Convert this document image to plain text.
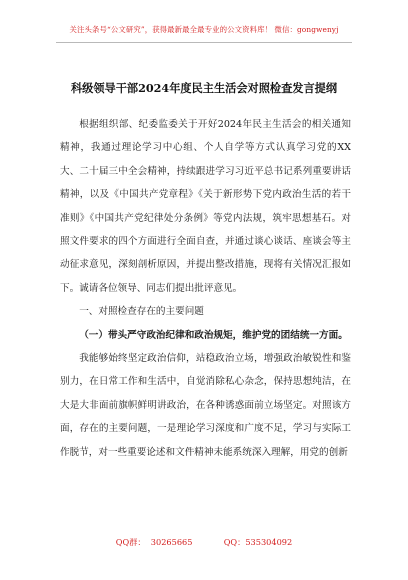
关注头条号“公文研究”，获得最新最全最专业的公文资料库！ 微信：gongwenyj
科级领导干部2024年度民主生活会对照检查发言提纲

根据组织部、纪委监委关于开好2024年民主生活会的相关通知精神，我通过理论学习中心组、个人自学等方式认真学习党的XX大、二十届三中全会精神，持续跟进学习习近平总书记系列重要讲话精神，以及《中国共产党章程》《关于新形势下党内政治生活的若干准则》《中国共产党纪律处分条例》等党内法规，筑牢思想基石。对照文件要求的四个方面进行全面自查，并通过谈心谈话、座谈会等主动征求意见，深刻剖析原因，并提出整改措施，现将有关情况汇报如下。诚请各位领导、同志们提出批评意见。

一、对照检查存在的主要问题

（一）带头严守政治纪律和政治规矩，维护党的团结统一方面。

我能够始终坚定政治信仰，站稳政治立场，增强政治敏锐性和鉴别力，在日常工作和生活中，自觉消除私心杂念，保持思想纯洁，在大是大非面前旗帜鲜明讲政治，在各种诱惑面前立场坚定。对照该方面，存在的主要问题，一是理论学习深度和广度不足，学习与实际工作脱节，对一些重要论述和文件精神未能系统深入理解，用党的创新

QQ群：  30265665	QQ：535304092
